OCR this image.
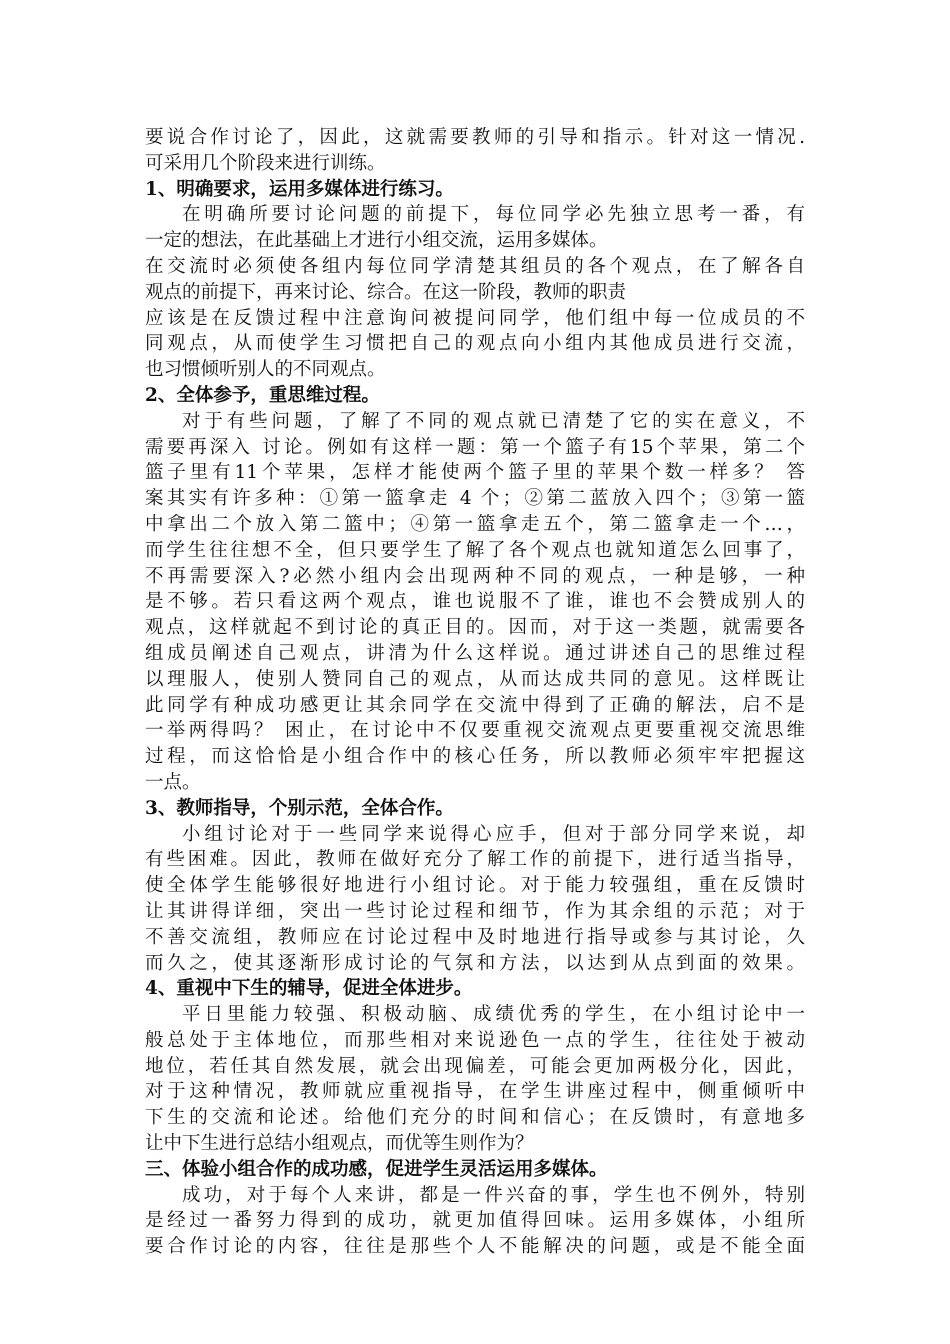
要说合作讨论了，因此，这就需要教师的引导和指示。针对这一情况.
可采用几个阶段来进行训练。
1、明确要求，运用多媒体进行练习。
在明确所要讨论问题的前提下，每位同学必先独立思考一番，有
一定的想法，在此基础上才进行小组交流，运用多媒体。
在交流时必须使各组内每位同学清楚其组员的各个观点，在了解各自
观点的前提下，再来讨论、综合。在这一阶段，教师的职责
应该是在反馈过程中注意询问被提问同学，他们组中每一位成员的不
同观点，从而使学生习惯把自己的观点向小组内其他成员进行交流，
也习惯倾听别人的不同观点。
2、全体参予，重思维过程。
对于有些问题，了解了不同的观点就已清楚了它的实在意义，不
需要再深入 讨论。例如有这样一题：第一个篮子有15个苹果，第二个
篮子里有11个苹果，怎样才能使两个篮子里的苹果个数一样多？ 答
案其实有许多种：①第一篮拿走 4 个；②第二蓝放入四个；③第一篮
中拿出二个放入第二篮中；④第一篮拿走五个，第二篮拿走一个…，
而学生往往想不全，但只要学生了解了各个观点也就知道怎么回事了，
不再需要深入?必然小组内会出现两种不同的观点，一种是够，一种
是不够。若只看这两个观点，谁也说服不了谁，谁也不会赞成别人的
观点，这样就起不到讨论的真正目的。因而，对于这一类题，就需要各
组成员阐述自己观点，讲清为什么这样说。通过讲述自己的思维过程
以理服人，使别人赞同自己的观点，从而达成共同的意见。这样既让
此同学有种成功感更让其余同学在交流中得到了正确的解法，启不是
一举两得吗？ 困止，在讨论中不仅要重视交流观点更要重视交流思维
过程，而这恰恰是小组合作中的核心任务，所以教师必须牢牢把握这
一点。
3、教师指导，个别示范，全体合作。
小组讨论对于一些同学来说得心应手，但对于部分同学来说，却
有些困难。因此，教师在做好充分了解工作的前提下，进行适当指导，
使全体学生能够很好地进行小组讨论。对于能力较强组，重在反馈时
让其讲得详细，突出一些讨论过程和细节，作为其余组的示范；对于
不善交流组，教师应在讨论过程中及时地进行指导或参与其讨论，久
而久之，使其逐渐形成讨论的气氛和方法，以达到从点到面的效果。
4、重视中下生的辅导，促进全体进步。
平日里能力较强、积极动脑、成绩优秀的学生，在小组讨论中一
般总处于主体地位，而那些相对来说逊色一点的学生，往往处于被动
地位，若任其自然发展，就会出现偏差，可能会更加两极分化，因此，
对于这种情况，教师就应重视指导，在学生讲座过程中，侧重倾听中
下生的交流和论述。给他们充分的时间和信心；在反馈时，有意地多
让中下生进行总结小组观点，而优等生则作为？
三、体验小组合作的成功感，促进学生灵活运用多媒体。
成功，对于每个人来讲，都是一件兴奋的事，学生也不例外，特别
是经过一番努力得到的成功，就更加值得回味。运用多媒体，小组所
要合作讨论的内容，往往是那些个人不能解决的问题，或是不能全面
